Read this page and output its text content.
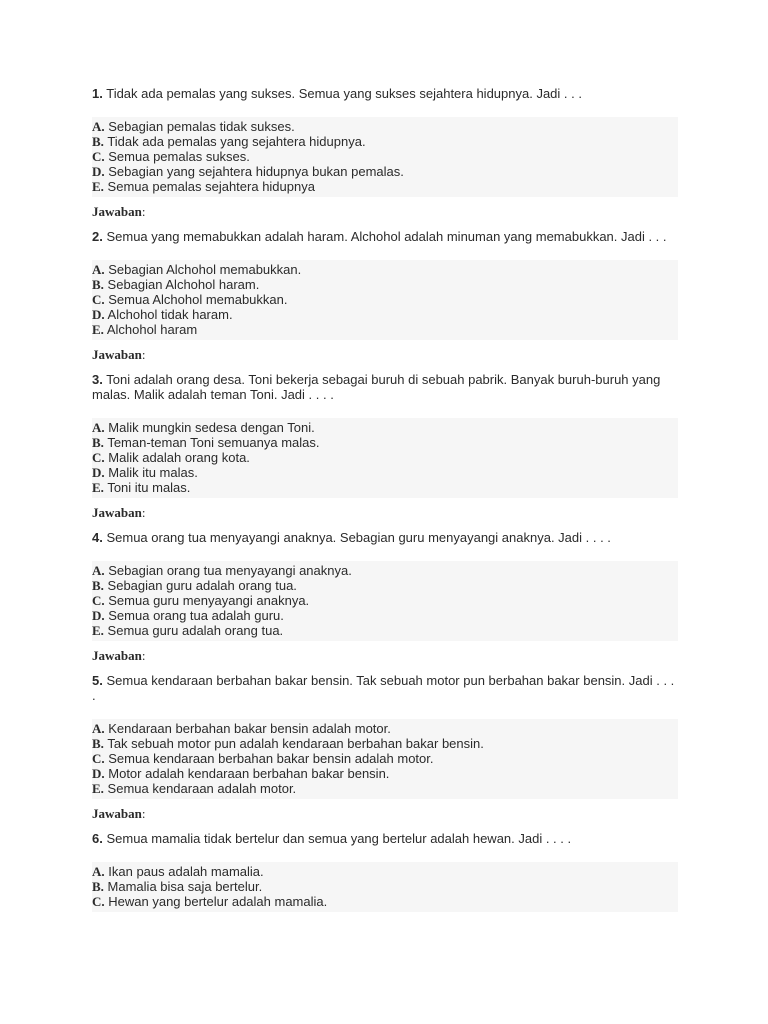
1. Tidak ada pemalas yang sukses. Semua yang sukses sejahtera hidupnya. Jadi . . .

A. Sebagian pemalas tidak sukses.
B. Tidak ada pemalas yang sejahtera hidupnya.
C. Semua pemalas sukses.
D. Sebagian yang sejahtera hidupnya bukan pemalas.
E. Semua pemalas sejahtera hidupnya
Jawaban:

2. Semua yang memabukkan adalah haram. Alchohol adalah minuman yang memabukkan. Jadi . . .

A. Sebagian Alchohol memabukkan.
B. Sebagian Alchohol haram.
C. Semua Alchohol memabukkan.
D. Alchohol tidak haram.
E. Alchohol haram
Jawaban:

3. Toni adalah orang desa. Toni bekerja sebagai buruh di sebuah pabrik. Banyak buruh-buruh yang malas. Malik adalah teman Toni. Jadi . . . .

A. Malik mungkin sedesa dengan Toni.
B. Teman-teman Toni semuanya malas.
C. Malik adalah orang kota.
D. Malik itu malas.
E. Toni itu malas.
Jawaban:

4. Semua orang tua menyayangi anaknya. Sebagian guru menyayangi anaknya. Jadi . . . .

A. Sebagian orang tua menyayangi anaknya.
B. Sebagian guru adalah orang tua.
C. Semua guru menyayangi anaknya.
D. Semua orang tua adalah guru.
E. Semua guru adalah orang tua.
Jawaban:

5. Semua kendaraan berbahan bakar bensin. Tak sebuah motor pun berbahan bakar bensin. Jadi . . . .

A. Kendaraan berbahan bakar bensin adalah motor.
B. Tak sebuah motor pun adalah kendaraan berbahan bakar bensin.
C. Semua kendaraan berbahan bakar bensin adalah motor.
D. Motor adalah kendaraan berbahan bakar bensin.
E. Semua kendaraan adalah motor.
Jawaban:

6. Semua mamalia tidak bertelur dan semua yang bertelur adalah hewan. Jadi . . . .

A. Ikan paus adalah mamalia.
B. Mamalia bisa saja bertelur.
C. Hewan yang bertelur adalah mamalia.
